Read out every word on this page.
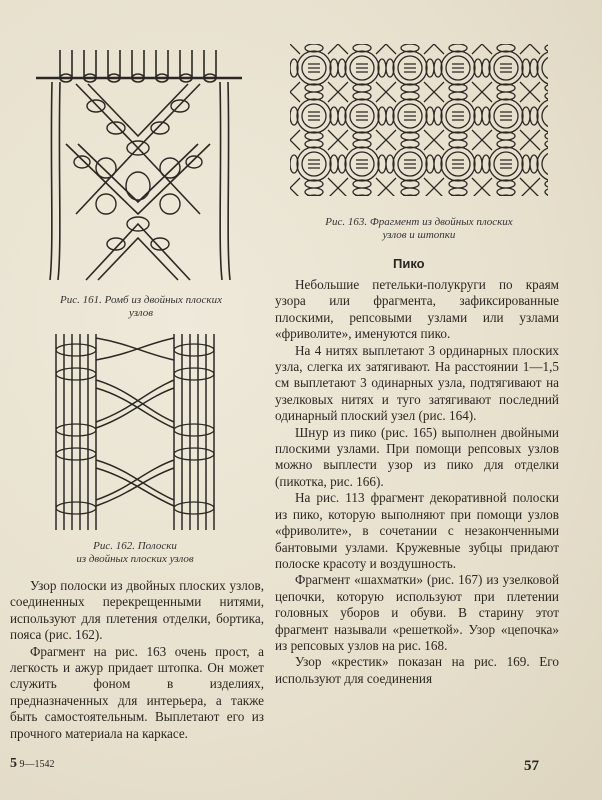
Рис. 161. Ромб из двойных плоских
узлов
Рис. 162. Полоски
из двойных плоских узлов
Рис. 163. Фрагмент из двойных плоских
узлов и штопки
Пико

Небольшие петельки-полукруги по краям узора или фрагмента, зафиксированные плоскими, репсовыми узлами или узлами «фриволите», именуются пико.

На 4 нитях выплетают 3 ординарных плоских узла, слегка их затягивают. На расстоянии 1—1,5 см выплетают 3 одинарных узла, подтягивают на узелковых нитях и туго затягивают последний одинарный плоский узел (рис. 164).

Шнур из пико (рис. 165) выполнен двойными плоскими узлами. При помощи репсовых узлов можно выплести узор из пико для отделки (пикотка, рис. 166).

На рис. 113 фрагмент декоративной полоски из пико, которую выполняют при помощи узлов «фриволите», в сочетании с незаконченными бантовыми узлами. Кружевные зубцы придают полоске красоту и воздушность.

Фрагмент «шахматки» (рис. 167) из узелковой цепочки, которую используют при плетении головных уборов и обуви. В старину этот фрагмент называли «решеткой». Узор «цепочка» из репсовых узлов на рис. 168.

Узор «крестик» показан на рис. 169. Его используют для соединения

Узор полоски из двойных плоских узлов, соединенных перекрещенными нитями, используют для плетения отделки, бортика, пояса (рис. 162).

Фрагмент на рис. 163 очень прост, а легкость и ажур придает штопка. Он может служить фоном в изделиях, предназначенных для интерьера, а также быть самостоятельным. Выплетают его из прочного материала на каркасе.

5 9—1542	57
